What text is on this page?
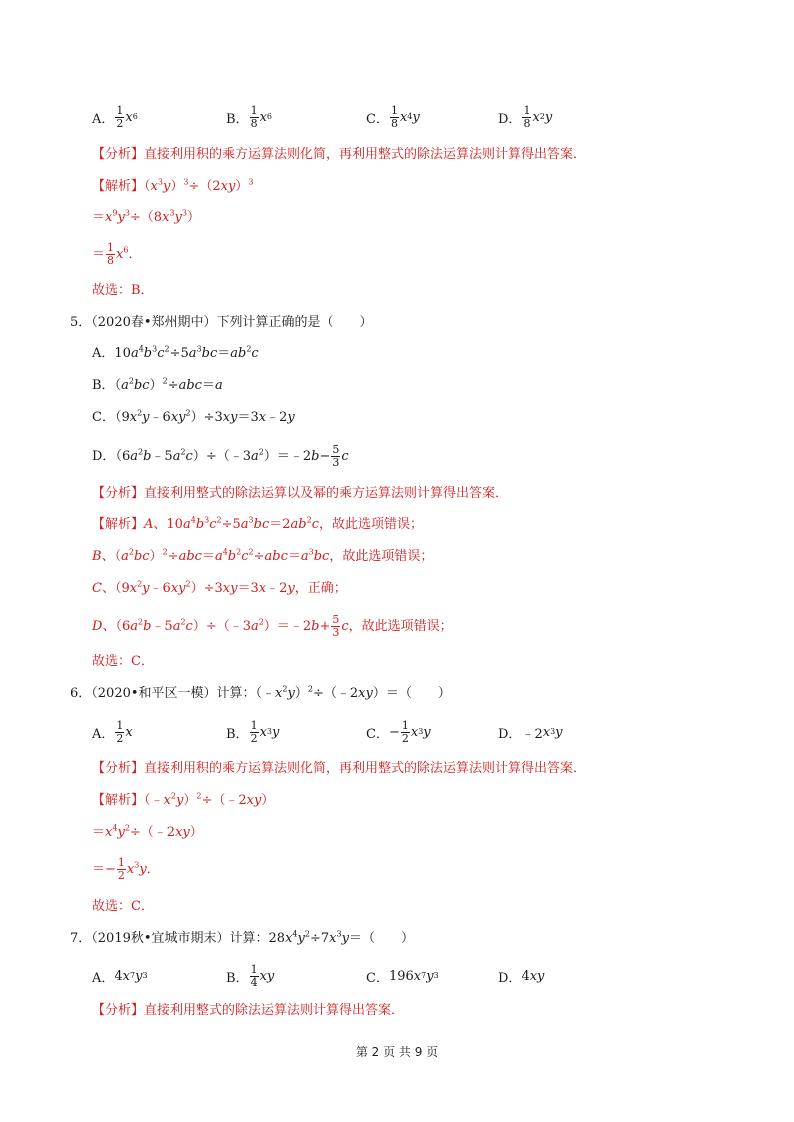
A． $\frac{1}{2}$ x 6	B． $\frac{1}{8}$ x 6	C． $\frac{1}{8}$ x 4 y	D． $\frac{1}{8}$ x 2 y
【分析】直接利用积的乘方运算法则化简，再利用整式的除法运算法则计算得出答案．
【解析】$(x^3y)^3\div(2xy)^3$
$=x^9y^3\div(8x^3y^3)$
＝ $\frac{1}{8} x^6$．
故选：B．
5．（2020春•郑州期中）下列计算正确的是（　　）
A．$10a^4b^3c^2\div 5a^3bc=ab^2c$
B．$(a^2bc)^2\div abc=a$
C．$(9x^2y﹣6xy^2)\div 3xy=3x﹣2y$
D．$(6a^2b﹣5a^2c)\div(﹣3a^2)=﹣2b- \frac{5}{3}$ c
【分析】直接利用整式的除法运算以及幂的乘方运算法则计算得出答案．
【解析】A、$10a^4b^3c^2\div 5a^3bc=2ab^2c$，故此选项错误；
B、$(a^2bc)^2\div abc=a^4b^2c^2\div abc=a^3bc$，故此选项错误；
C、$(9x^2y﹣6xy^2)\div 3xy=3x﹣2y$，正确；
D、$(6a^2b﹣5a^2c)\div(﹣3a^2)=﹣2b+ \frac{5}{3}$ c，故此选项错误；
故选：C．
6．（2020•和平区一模）计算：$(﹣x^2y)^2\div(﹣2xy)=$（　　）
A． $\frac{1}{2}$ x	B． $\frac{1}{2}$ x 3 y	C． − $\frac{1}{2}$ x 3 y	D． ﹣2 x 3 y
【分析】直接利用积的乘方运算法则化简，再利用整式的除法运算法则计算得出答案．
【解析】$(﹣x^2y)^2\div(﹣2xy)$
$=x^4y^2\div(﹣2xy)$
＝− $\frac{1}{2} x^3y$．
故选：C．
7．（2019秋•宜城市期末）计算：$28x^4y^2\div 7x^3y=$（　　）
A． 4 x 7 y 3	B． $\frac{1}{4}$ xy	C． 196 x 7 y 3	D． 4 xy
【分析】直接利用整式的除法运算法则计算得出答案．
第 2 页 共 9 页
